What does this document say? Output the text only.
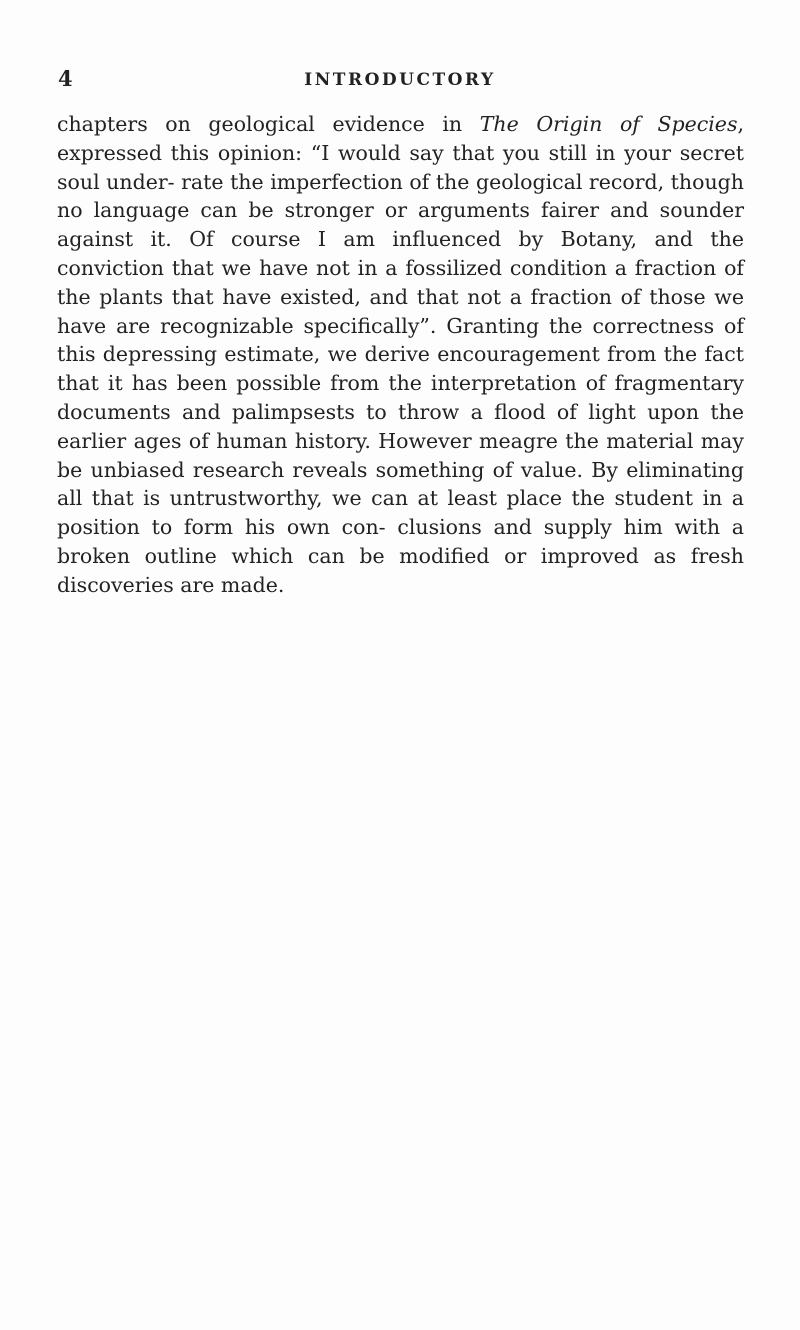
4	INTRODUCTORY

chapters on geological evidence in The Origin of Species, expressed this opinion: “I would say that you still in your secret soul under- rate the imperfection of the geological record, though no language can be stronger or arguments fairer and sounder against it. Of course I am influenced by Botany, and the conviction that we have not in a fossilized condition a fraction of the plants that have existed, and that not a fraction of those we have are recognizable specifically”. Granting the correctness of this depressing estimate, we derive encouragement from the fact that it has been possible from the interpretation of fragmentary documents and palimpsests to throw a flood of light upon the earlier ages of human history. However meagre the material may be unbiased research reveals something of value. By eliminating all that is untrustworthy, we can at least place the student in a position to form his own con- clusions and supply him with a broken outline which can be modified or improved as fresh discoveries are made.
